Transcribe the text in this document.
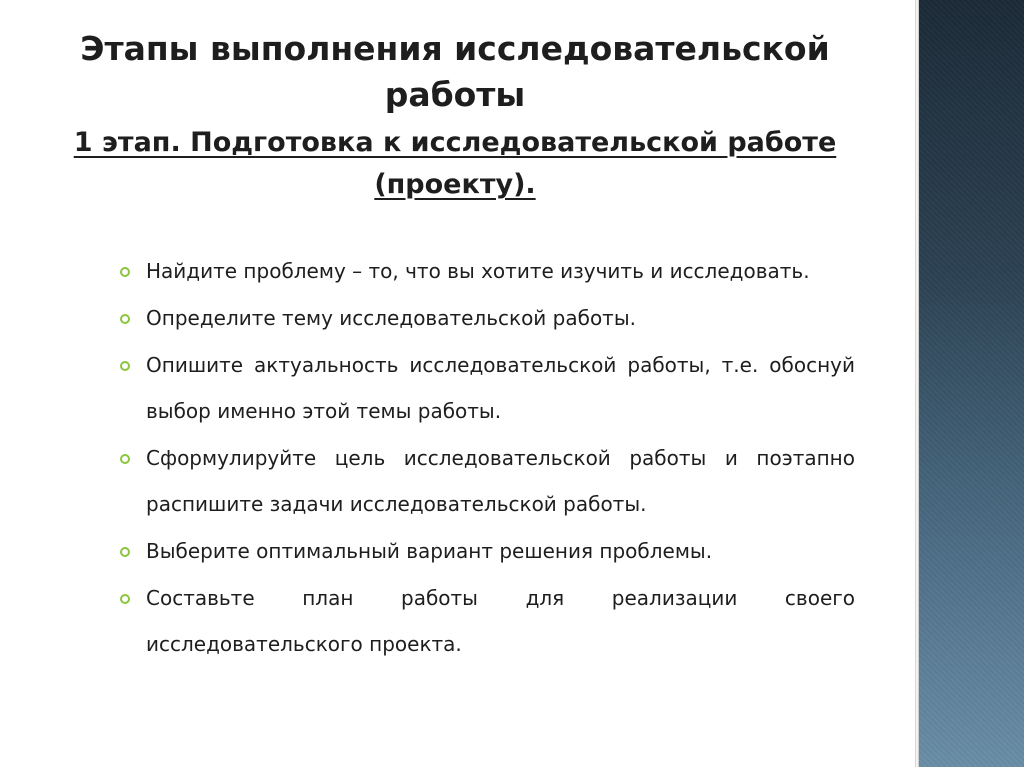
Этапы выполнения исследовательской работы
1 этап. Подготовка к исследовательской работе (проекту).
Найдите проблему – то, что вы хотите изучить и исследовать.
Определите тему исследовательской работы.
Опишите актуальность исследовательской работы, т.е. обоснуй выбор именно этой темы работы.
Сформулируйте цель исследовательской работы и поэтапно распишите задачи исследовательской работы.
Выберите оптимальный вариант решения проблемы.
Составьте план работы для реализации своего исследовательского проекта.
